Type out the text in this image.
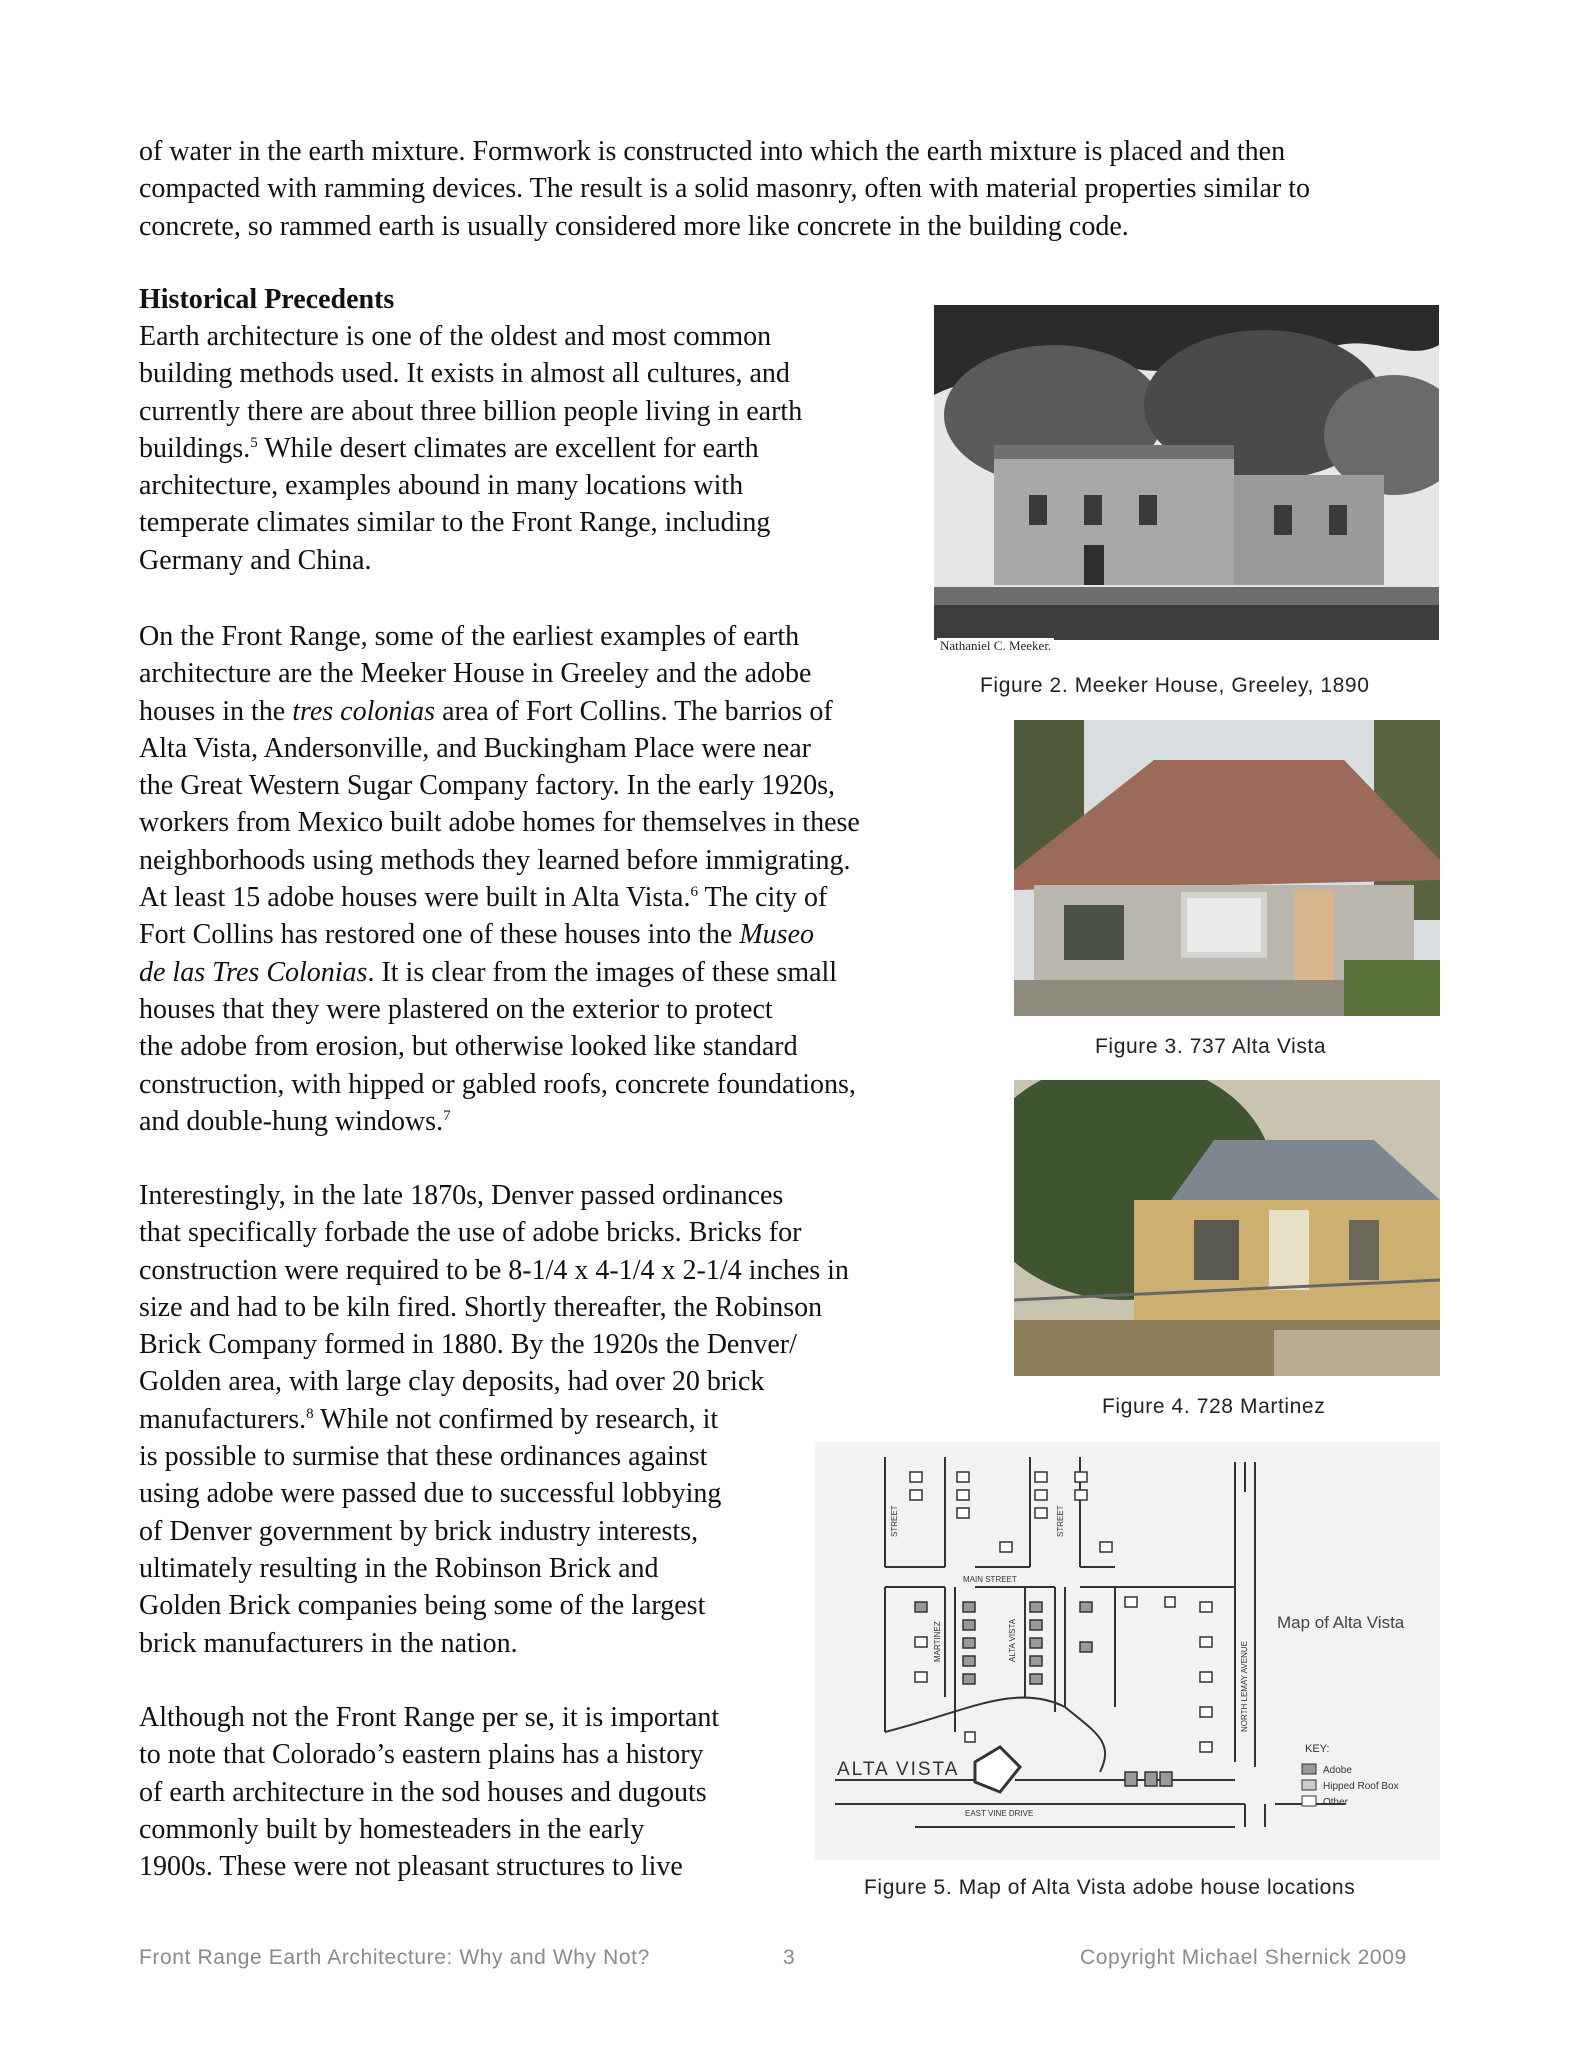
of water in the earth mixture. Formwork is constructed into which the earth mixture is placed and then
compacted with ramming devices. The result is a solid masonry, often with material properties similar to
concrete, so rammed earth is usually considered more like concrete in the building code.
Historical Precedents
Earth architecture is one of the oldest and most common
building methods used. It exists in almost all cultures, and
currently there are about three billion people living in earth
buildings.$^5$ While desert climates are excellent for earth
architecture, examples abound in many locations with
temperate climates similar to the Front Range, including
Germany and China.
On the Front Range, some of the earliest examples of earth
architecture are the Meeker House in Greeley and the adobe
houses in the tres colonias area of Fort Collins. The barrios of
Alta Vista, Andersonville, and Buckingham Place were near
the Great Western Sugar Company factory. In the early 1920s,
workers from Mexico built adobe homes for themselves in these
neighborhoods using methods they learned before immigrating.
At least 15 adobe houses were built in Alta Vista.$^6$ The city of
Fort Collins has restored one of these houses into the Museo
de las Tres Colonias. It is clear from the images of these small
houses that they were plastered on the exterior to protect
the adobe from erosion, but otherwise looked like standard
construction, with hipped or gabled roofs, concrete foundations,
and double-hung windows.$^7$
Interestingly, in the late 1870s, Denver passed ordinances
that specifically forbade the use of adobe bricks. Bricks for
construction were required to be 8-1/4 x 4-1/4 x 2-1/4 inches in
size and had to be kiln fired. Shortly thereafter, the Robinson
Brick Company formed in 1880. By the 1920s the Denver/
Golden area, with large clay deposits, had over 20 brick
manufacturers.$^8$ While not confirmed by research, it
is possible to surmise that these ordinances against
using adobe were passed due to successful lobbying
of Denver government by brick industry interests,
ultimately resulting in the Robinson Brick and
Golden Brick companies being some of the largest
brick manufacturers in the nation.
Although not the Front Range per se, it is important
to note that Colorado’s eastern plains has a history
of earth architecture in the sod houses and dugouts
commonly built by homesteaders in the early
1900s. These were not pleasant structures to live
Nathaniel C. Meeker.
Figure 2. Meeker House, Greeley, 1890
Figure 3. 737 Alta Vista
Figure 4. 728 Martinez
ALTA VISTA
STREET	STREET
MAIN STREET
MARTINEZ	ALTA VISTA
NORTH LEMAY AVENUE
EAST VINE DRIVE
Map of Alta Vista
KEY:
Adobe
Hipped Roof Box
Other
Figure 5. Map of Alta Vista adobe house locations
Front Range Earth Architecture: Why and Why Not?	3	Copyright Michael Shernick 2009
